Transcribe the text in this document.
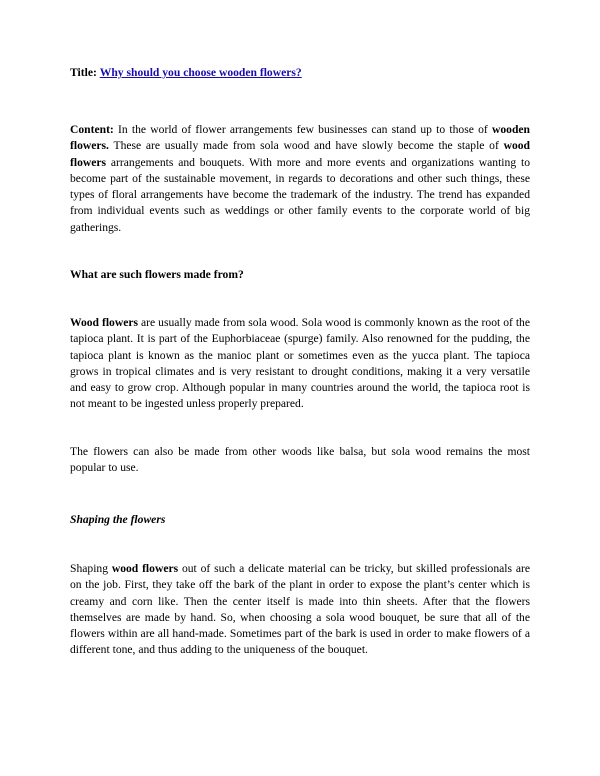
Title: Why should you choose wooden flowers?

Content: In the world of flower arrangements few businesses can stand up to those of wooden flowers. These are usually made from sola wood and have slowly become the staple of wood flowers arrangements and bouquets. With more and more events and organizations wanting to become part of the sustainable movement, in regards to decorations and other such things, these types of floral arrangements have become the trademark of the industry. The trend has expanded from individual events such as weddings or other family events to the corporate world of big gatherings.

What are such flowers made from?

Wood flowers are usually made from sola wood. Sola wood is commonly known as the root of the tapioca plant. It is part of the Euphorbiaceae (spurge) family. Also renowned for the pudding, the tapioca plant is known as the manioc plant or sometimes even as the yucca plant. The tapioca grows in tropical climates and is very resistant to drought conditions, making it a very versatile and easy to grow crop. Although popular in many countries around the world, the tapioca root is not meant to be ingested unless properly prepared.

The flowers can also be made from other woods like balsa, but sola wood remains the most popular to use.

Shaping the flowers

Shaping wood flowers out of such a delicate material can be tricky, but skilled professionals are on the job. First, they take off the bark of the plant in order to expose the plant’s center which is creamy and corn like. Then the center itself is made into thin sheets. After that the flowers themselves are made by hand. So, when choosing a sola wood bouquet, be sure that all of the flowers within are all hand-made. Sometimes part of the bark is used in order to make flowers of a different tone, and thus adding to the uniqueness of the bouquet.
